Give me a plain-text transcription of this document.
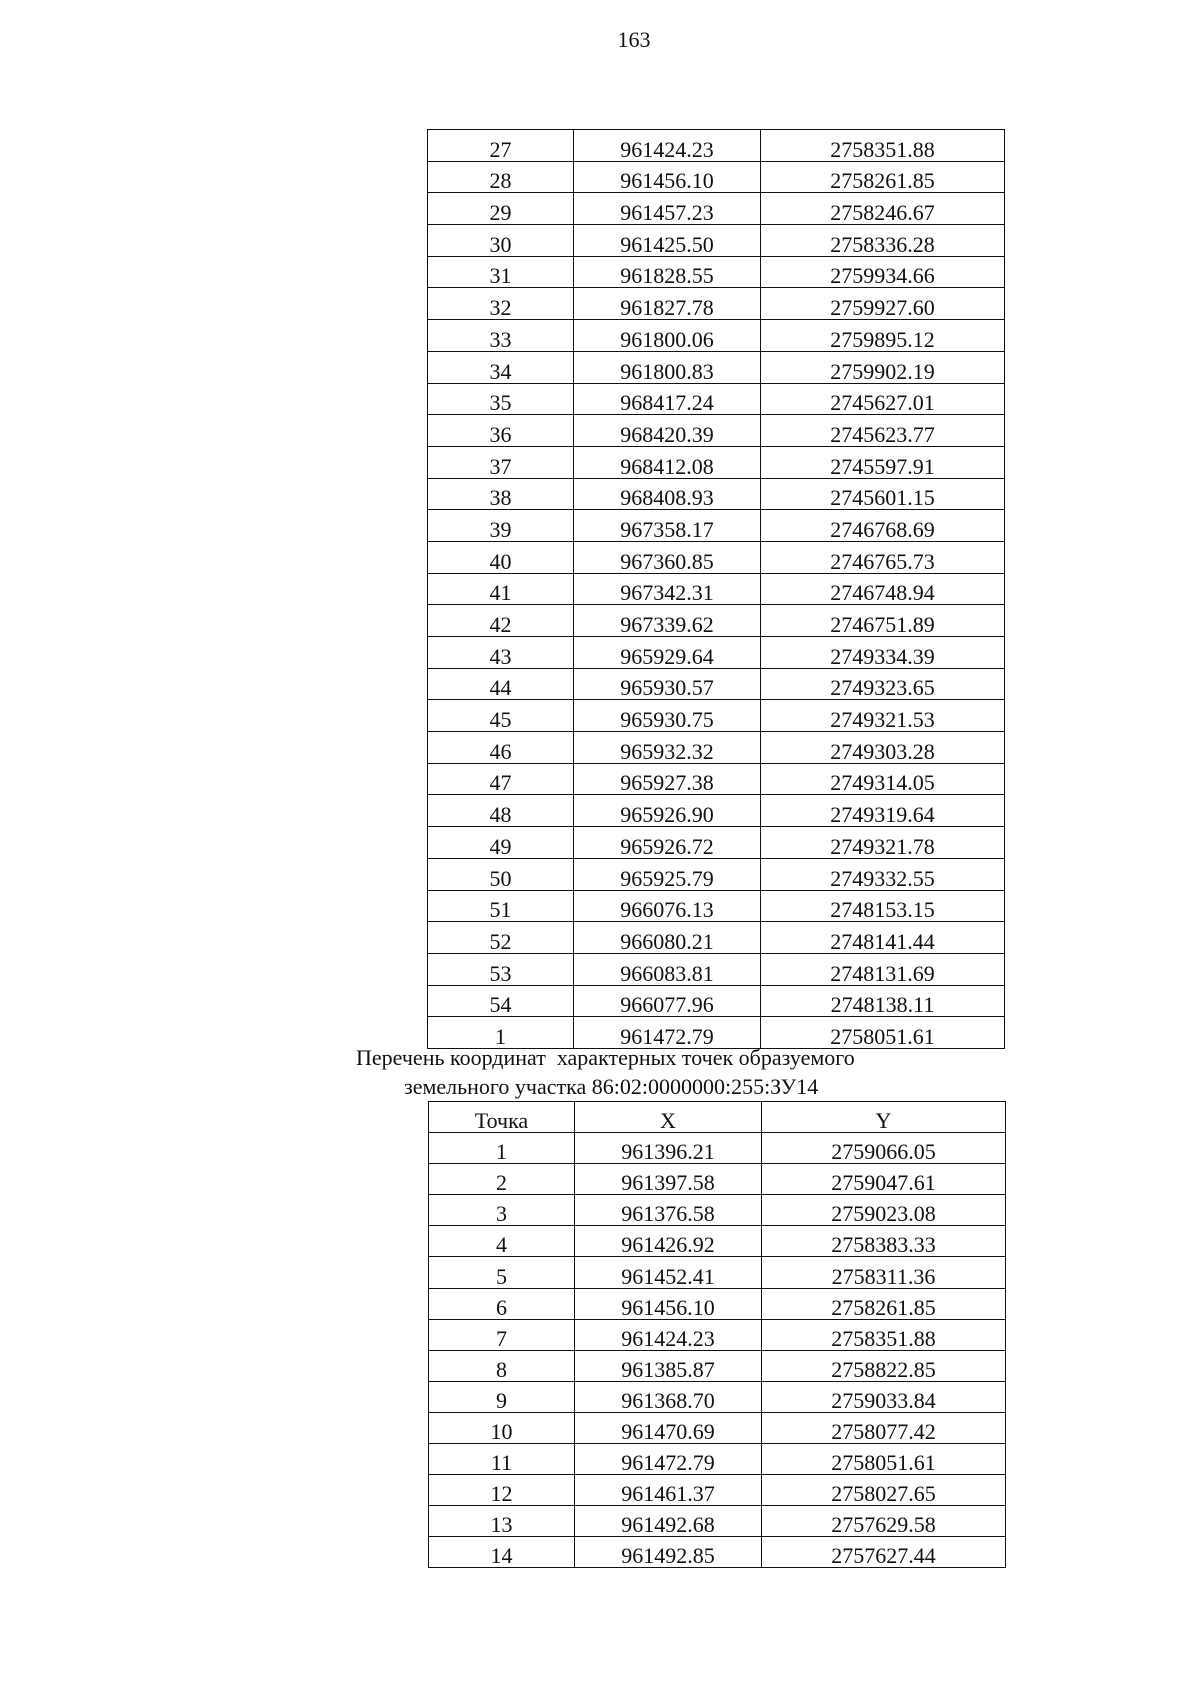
163
27	961424.23	2758351.88
28	961456.10	2758261.85
29	961457.23	2758246.67
30	961425.50	2758336.28
31	961828.55	2759934.66
32	961827.78	2759927.60
33	961800.06	2759895.12
34	961800.83	2759902.19
35	968417.24	2745627.01
36	968420.39	2745623.77
37	968412.08	2745597.91
38	968408.93	2745601.15
39	967358.17	2746768.69
40	967360.85	2746765.73
41	967342.31	2746748.94
42	967339.62	2746751.89
43	965929.64	2749334.39
44	965930.57	2749323.65
45	965930.75	2749321.53
46	965932.32	2749303.28
47	965927.38	2749314.05
48	965926.90	2749319.64
49	965926.72	2749321.78
50	965925.79	2749332.55
51	966076.13	2748153.15
52	966080.21	2748141.44
53	966083.81	2748131.69
54	966077.96	2748138.11
1	961472.79	2758051.61
Перечень координат  характерных точек образуемого
земельного участка 86:02:0000000:255:ЗУ14
Точка	X	Y
1	961396.21	2759066.05
2	961397.58	2759047.61
3	961376.58	2759023.08
4	961426.92	2758383.33
5	961452.41	2758311.36
6	961456.10	2758261.85
7	961424.23	2758351.88
8	961385.87	2758822.85
9	961368.70	2759033.84
10	961470.69	2758077.42
11	961472.79	2758051.61
12	961461.37	2758027.65
13	961492.68	2757629.58
14	961492.85	2757627.44
